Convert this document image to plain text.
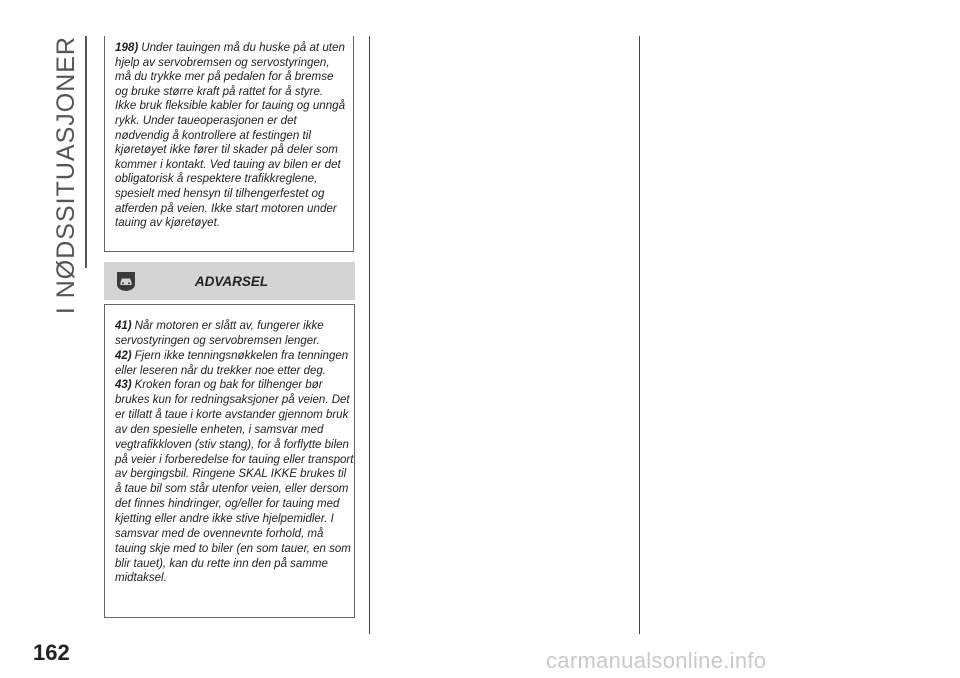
I NØDSSITUASJONER	198) Under tauingen må du huske på at uten hjelp av servobremsen og servostyringen, må du trykke mer på pedalen for å bremse og bruke større kraft på rattet for å styre. Ikke bruk fleksible kabler for tauing og unngå rykk. Under taueoperasjonen er det nødvendig å kontrollere at festingen til kjøretøyet ikke fører til skader på deler som kommer i kontakt. Ved tauing av bilen er det obligatorisk å respektere trafikkreglene, spesielt med hensyn til tilhengerfestet og atferden på veien. Ikke start motoren under tauing av kjøretøyet.
ADVARSEL
41) Når motoren er slått av, fungerer ikke servostyringen og servobremsen lenger.
42) Fjern ikke tenningsnøkkelen fra tenningen eller leseren når du trekker noe etter deg.
43) Kroken foran og bak for tilhenger bør brukes kun for redningsaksjoner på veien. Det er tillatt å taue i korte avstander gjennom bruk av den spesielle enheten, i samsvar med vegtrafikkloven (stiv stang), for å forflytte bilen på veier i forberedelse for tauing eller transport av bergingsbil. Ringene SKAL IKKE brukes til å taue bil som står utenfor veien, eller dersom det finnes hindringer, og/eller for tauing med kjetting eller andre ikke stive hjelpemidler. I samsvar med de ovennevnte forhold, må tauing skje med to biler (en som tauer, en som blir tauet), kan du rette inn den på samme midtaksel.
162	carmanualsonline.info
